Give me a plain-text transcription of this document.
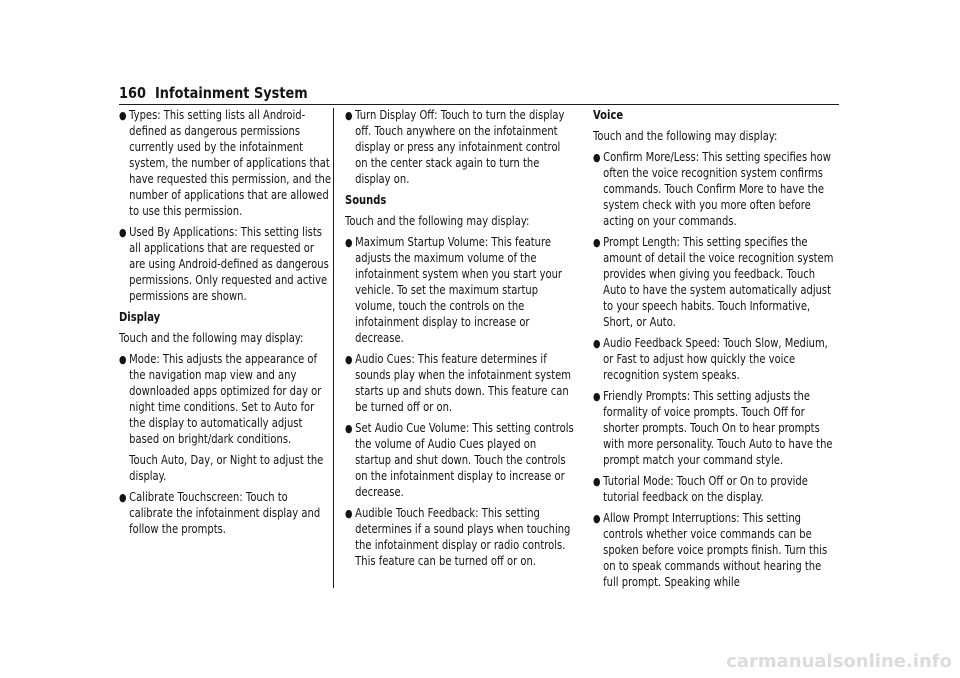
160 Infotainment System
● Types: This setting lists all Android-defined as dangerous permissions currently used by the infotainment system, the number of applications that have requested this permission, and the number of applications that are allowed to use this permission.
● Used By Applications: This setting lists all applications that are requested or are using Android-defined as dangerous permissions. Only requested and active permissions are shown.
Display
Touch and the following may display:
● Mode: This adjusts the appearance of the navigation map view and any downloaded apps optimized for day or night time conditions. Set to Auto for the display to automatically adjust based on bright/dark conditions.
Touch Auto, Day, or Night to adjust the display.
● Calibrate Touchscreen: Touch to calibrate the infotainment display and follow the prompts.
● Turn Display Off: Touch to turn the display off. Touch anywhere on the infotainment display or press any infotainment control on the center stack again to turn the display on.
Sounds
Touch and the following may display:
● Maximum Startup Volume: This feature adjusts the maximum volume of the infotainment system when you start your vehicle. To set the maximum startup volume, touch the controls on the infotainment display to increase or decrease.
● Audio Cues: This feature determines if sounds play when the infotainment system starts up and shuts down. This feature can be turned off or on.
● Set Audio Cue Volume: This setting controls the volume of Audio Cues played on startup and shut down. Touch the controls on the infotainment display to increase or decrease.
● Audible Touch Feedback: This setting determines if a sound plays when touching the infotainment display or radio controls. This feature can be turned off or on.
Voice
Touch and the following may display:
● Confirm More/Less: This setting specifies how often the voice recognition system confirms commands. Touch Confirm More to have the system check with you more often before acting on your commands.
● Prompt Length: This setting specifies the amount of detail the voice recognition system provides when giving you feedback. Touch Auto to have the system automatically adjust to your speech habits. Touch Informative, Short, or Auto.
● Audio Feedback Speed: Touch Slow, Medium, or Fast to adjust how quickly the voice recognition system speaks.
● Friendly Prompts: This setting adjusts the formality of voice prompts. Touch Off for shorter prompts. Touch On to hear prompts with more personality. Touch Auto to have the prompt match your command style.
● Tutorial Mode: Touch Off or On to provide tutorial feedback on the display.
● Allow Prompt Interruptions: This setting controls whether voice commands can be spoken before voice prompts finish. Turn this on to speak commands without hearing the full prompt. Speaking while
carmanualsonline.info
